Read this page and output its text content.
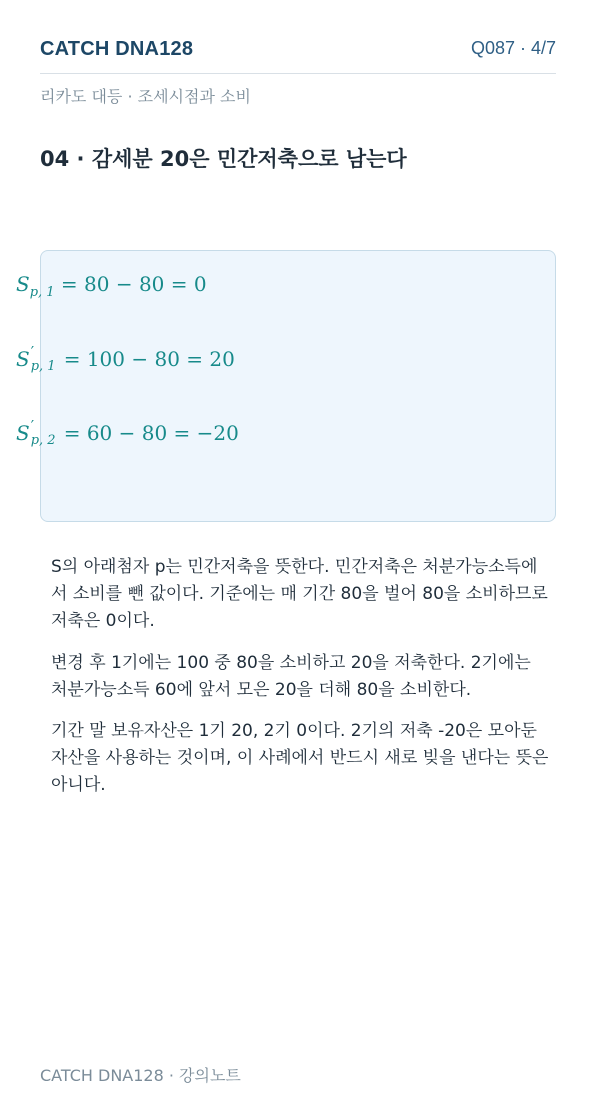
CATCH DNA128	Q087 · 4/7
리카도 대등 · 조세시점과 소비
04 · 감세분 20은 민간저축으로 남는다
$S_{p, 1} = 80 - 80 = 0$
S ′
p, 1 = 100 − 80 = 20
S ′
p, 2 = 60 − 80 = −20
S의 아래첨자 p는 민간저축을 뜻한다. 민간저축은 처분가능소득에서 소비를 뺀 값이다. 기준에는 매 기간 80을 벌어 80을 소비하므로 저축은 0이다.
변경 후 1기에는 100 중 80을 소비하고 20을 저축한다. 2기에는 처분가능소득 60에 앞서 모은 20을 더해 80을 소비한다.
기간 말 보유자산은 1기 20, 2기 0이다. 2기의 저축 -20은 모아둔 자산을 사용하는 것이며, 이 사례에서 반드시 새로 빚을 낸다는 뜻은 아니다.
CATCH DNA128 · 강의노트
